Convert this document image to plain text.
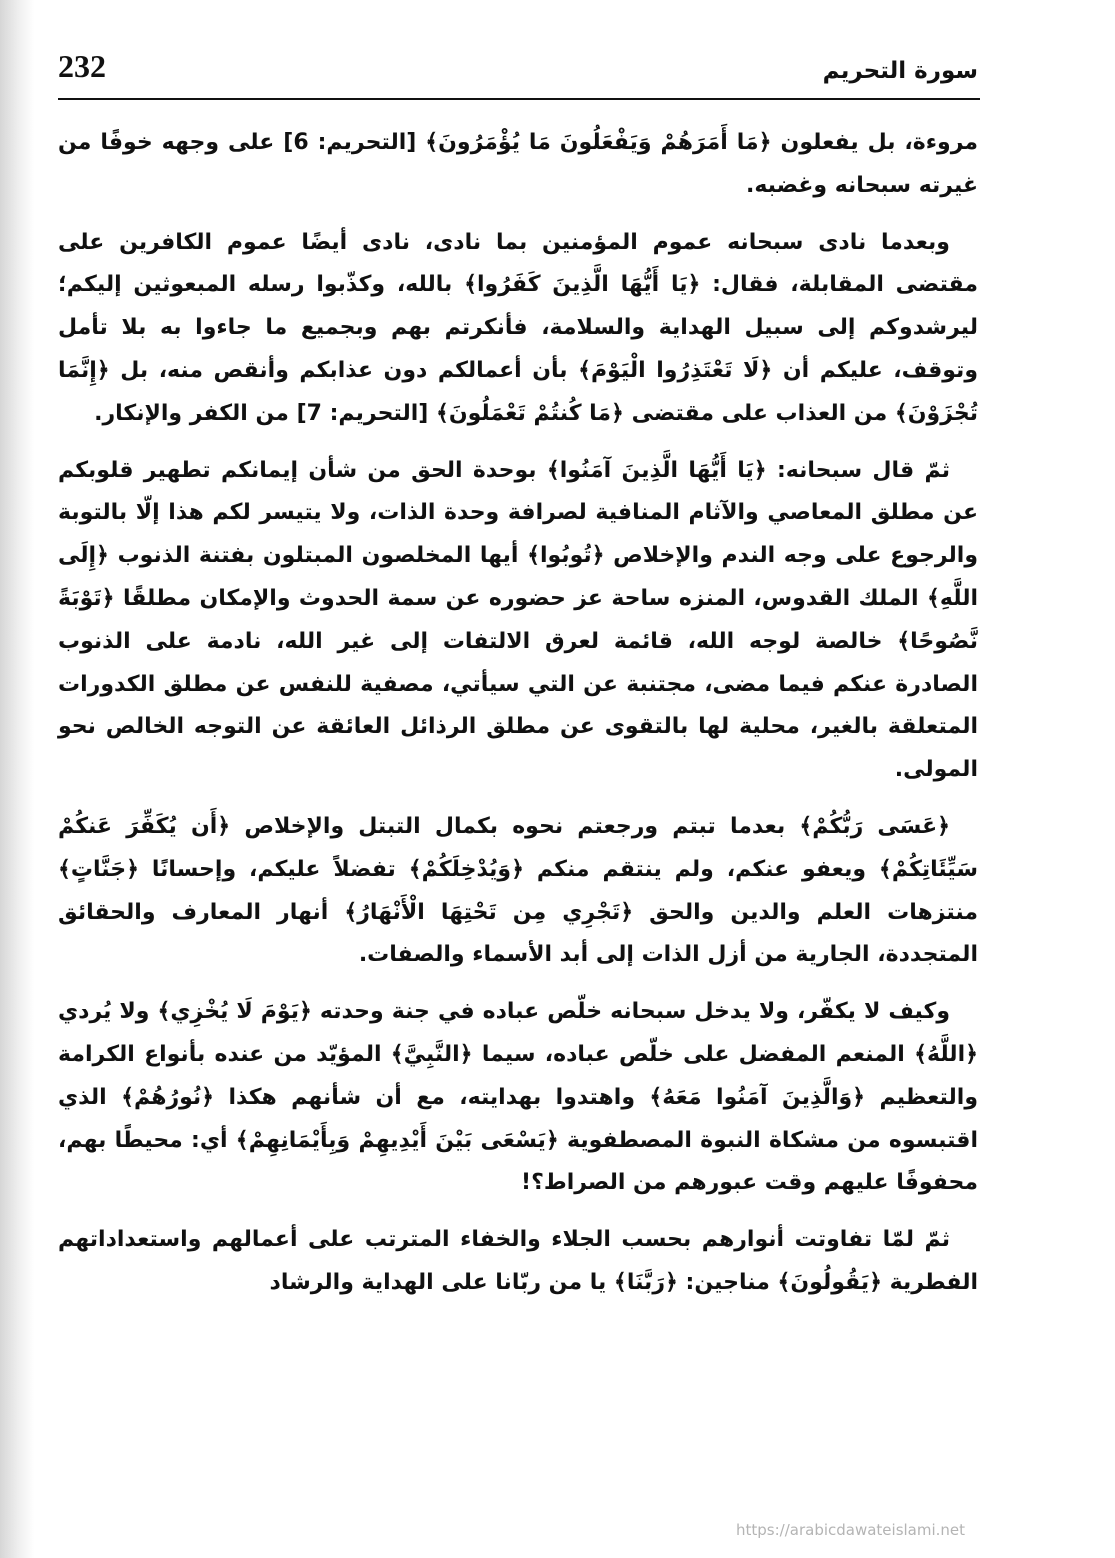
232	سورة التحريم

مروءة، بل يفعلون ﴿مَا أَمَرَهُمْ وَيَفْعَلُونَ مَا يُؤْمَرُونَ﴾ [التحريم: 6] على وجهه خوفًا من غيرته سبحانه وغضبه.

وبعدما نادى سبحانه عموم المؤمنين بما نادى، نادى أيضًا عموم الكافرين على مقتضى المقابلة، فقال: ﴿يَا أَيُّهَا الَّذِينَ كَفَرُوا﴾ بالله، وكذّبوا رسله المبعوثين إليكم؛ ليرشدوكم إلى سبيل الهداية والسلامة، فأنكرتم بهم وبجميع ما جاءوا به بلا تأمل وتوقف، عليكم أن ﴿لَا تَعْتَذِرُوا الْيَوْمَ﴾ بأن أعمالكم دون عذابكم وأنقص منه، بل ﴿إِنَّمَا تُجْزَوْنَ﴾ من العذاب على مقتضى ﴿مَا كُنتُمْ تَعْمَلُونَ﴾ [التحريم: 7] من الكفر والإنكار.

ثمّ قال سبحانه: ﴿يَا أَيُّهَا الَّذِينَ آمَنُوا﴾ بوحدة الحق من شأن إيمانكم تطهير قلوبكم عن مطلق المعاصي والآثام المنافية لصرافة وحدة الذات، ولا يتيسر لكم هذا إلّا بالتوبة والرجوع على وجه الندم والإخلاص ﴿تُوبُوا﴾ أيها المخلصون المبتلون بفتنة الذنوب ﴿إِلَى اللَّهِ﴾ الملك القدوس، المنزه ساحة عز حضوره عن سمة الحدوث والإمكان مطلقًا ﴿تَوْبَةً نَّصُوحًا﴾ خالصة لوجه الله، قائمة لعرق الالتفات إلى غير الله، نادمة على الذنوب الصادرة عنكم فيما مضى، مجتنبة عن التي سيأتي، مصفية للنفس عن مطلق الكدورات المتعلقة بالغير، محلية لها بالتقوى عن مطلق الرذائل العائقة عن التوجه الخالص نحو المولى.

﴿عَسَى رَبُّكُمْ﴾ بعدما تبتم ورجعتم نحوه بكمال التبتل والإخلاص ﴿أَن يُكَفِّرَ عَنكُمْ سَيِّئَاتِكُمْ﴾ ويعفو عنكم، ولم ينتقم منكم ﴿وَيُدْخِلَكُمْ﴾ تفضلاً عليكم، وإحسانًا ﴿جَنَّاتٍ﴾ منتزهات العلم والدين والحق ﴿تَجْرِي مِن تَحْتِهَا الْأَنْهَارُ﴾ أنهار المعارف والحقائق المتجددة، الجارية من أزل الذات إلى أبد الأسماء والصفات.

وكيف لا يكفّر، ولا يدخل سبحانه خلّص عباده في جنة وحدته ﴿يَوْمَ لَا يُخْزِي﴾ ولا يُردي ﴿اللَّهُ﴾ المنعم المفضل على خلّص عباده، سيما ﴿النَّبِيَّ﴾ المؤيّد من عنده بأنواع الكرامة والتعظيم ﴿وَالَّذِينَ آمَنُوا مَعَهُ﴾ واهتدوا بهدايته، مع أن شأنهم هكذا ﴿نُورُهُمْ﴾ الذي اقتبسوه من مشكاة النبوة المصطفوية ﴿يَسْعَى بَيْنَ أَيْدِيهِمْ وَبِأَيْمَانِهِمْ﴾ أي: محيطًا بهم، محفوفًا عليهم وقت عبورهم من الصراط؟!

ثمّ لمّا تفاوتت أنوارهم بحسب الجلاء والخفاء المترتب على أعمالهم واستعداداتهم الفطرية ﴿يَقُولُونَ﴾ مناجين: ﴿رَبَّنَا﴾ يا من ربّانا على الهداية والرشاد

https://arabicdawateislami.net
